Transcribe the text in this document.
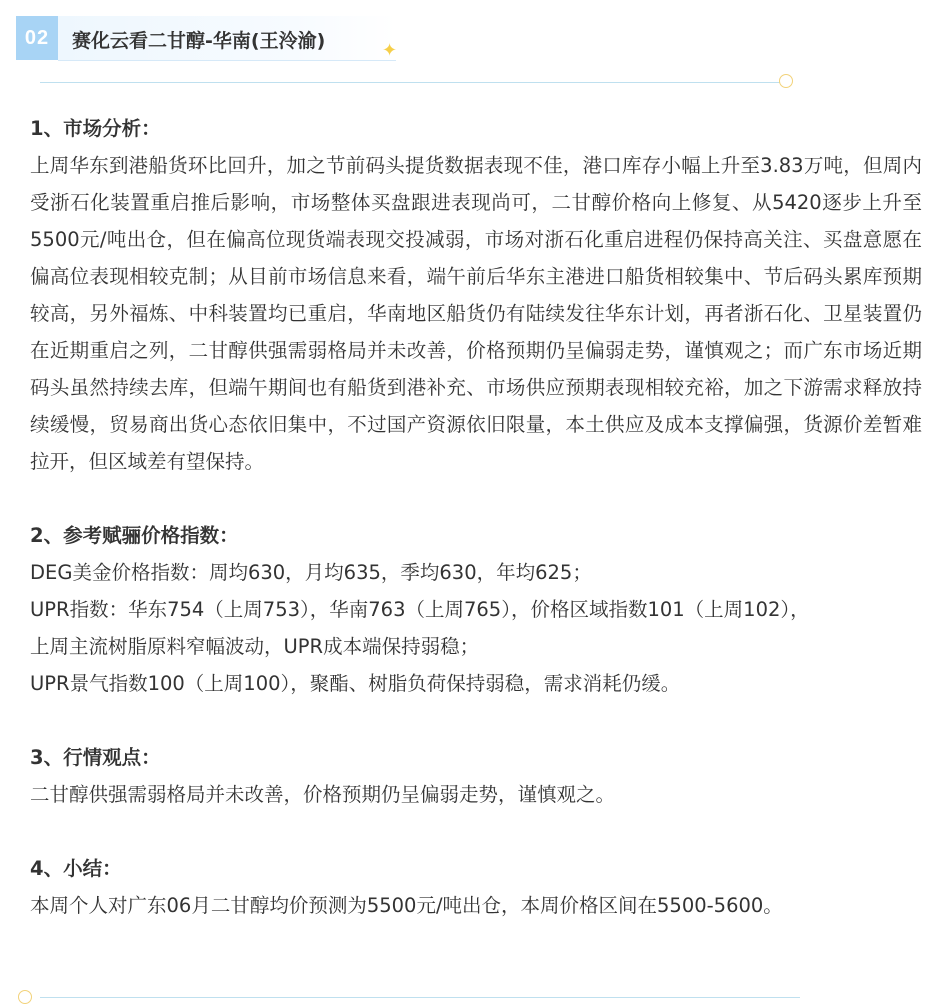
02	赛化云看二甘醇-华南(王泠渝)	✦

1、市场分析：

上周华东到港船货环比回升，加之节前码头提货数据表现不佳，港口库存小幅上升至3.83万吨，但周内受浙石化装置重启推后影响，市场整体买盘跟进表现尚可，二甘醇价格向上修复、从5420逐步上升至5500元/吨出仓，但在偏高位现货端表现交投减弱，市场对浙石化重启进程仍保持高关注、买盘意愿在偏高位表现相较克制；从目前市场信息来看，端午前后华东主港进口船货相较集中、节后码头累库预期较高，另外福炼、中科装置均已重启，华南地区船货仍有陆续发往华东计划，再者浙石化、卫星装置仍在近期重启之列，二甘醇供强需弱格局并未改善，价格预期仍呈偏弱走势，谨慎观之；而广东市场近期码头虽然持续去库，但端午期间也有船货到港补充、市场供应预期表现相较充裕，加之下游需求释放持续缓慢，贸易商出货心态依旧集中，不过国产资源依旧限量，本土供应及成本支撑偏强，货源价差暂难拉开，但区域差有望保持。

2、参考赋骊价格指数：

DEG美金价格指数：周均630，月均635，季均630，年均625；

UPR指数：华东754（上周753），华南763（上周765），价格区域指数101（上周102），

上周主流树脂原料窄幅波动，UPR成本端保持弱稳；

UPR景气指数100（上周100），聚酯、树脂负荷保持弱稳，需求消耗仍缓。

3、行情观点：

二甘醇供强需弱格局并未改善，价格预期仍呈偏弱走势，谨慎观之。

4、小结：

本周个人对广东06月二甘醇均价预测为5500元/吨出仓，本周价格区间在5500-5600。
